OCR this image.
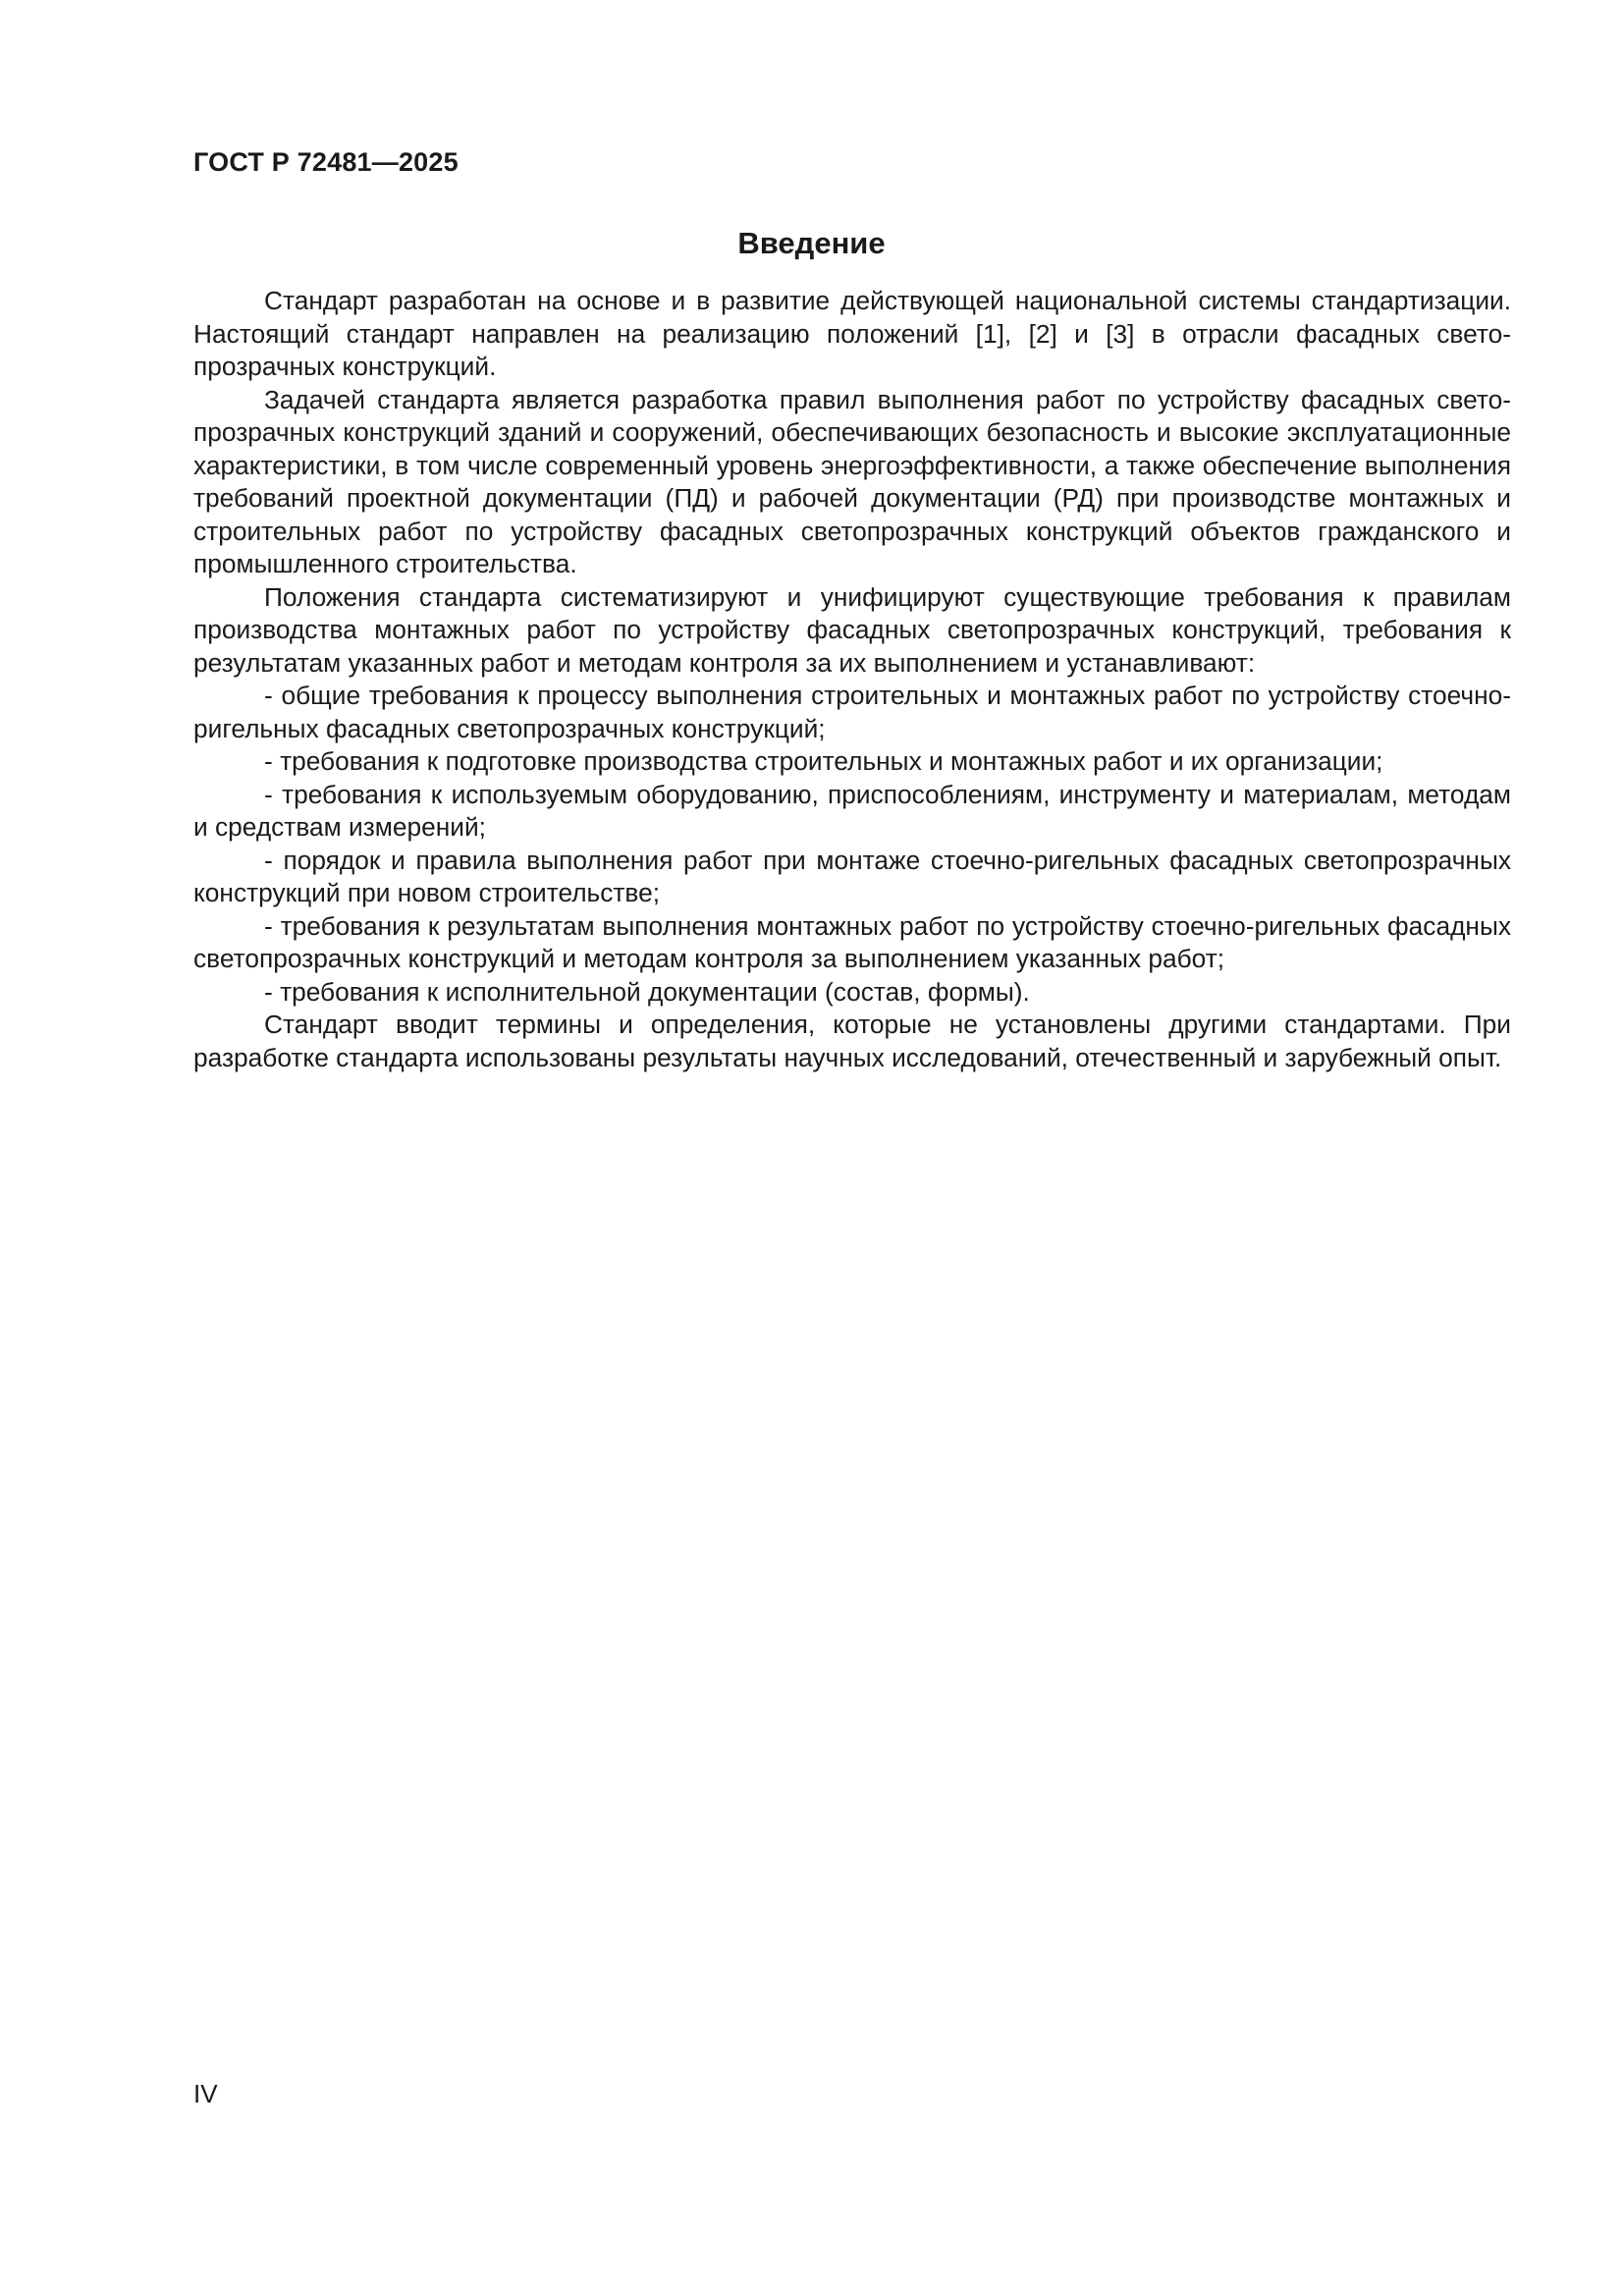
ГОСТ Р 72481—2025
Введение

Стандарт разработан на основе и в развитие действующей национальной системы стандартизации. Настоящий стандарт направлен на реализацию положений [1], [2] и [3] в отрасли фасадных светопрозрачных конструкций.

Задачей стандарта является разработка правил выполнения работ по устройству фасадных светопрозрачных конструкций зданий и сооружений, обеспечивающих безопасность и высокие эксплуатационные характеристики, в том числе современный уровень энергоэффективности, а также обеспечение выполнения требований проектной документации (ПД) и рабочей документации (РД) при производстве монтажных и строительных работ по устройству фасадных светопрозрачных конструкций объектов гражданского и промышленного строительства.

Положения стандарта систематизируют и унифицируют существующие требования к правилам производства монтажных работ по устройству фасадных светопрозрачных конструкций, требования к результатам указанных работ и методам контроля за их выполнением и устанавливают:

- общие требования к процессу выполнения строительных и монтажных работ по устройству стоечно-ригельных фасадных светопрозрачных конструкций;

- требования к подготовке производства строительных и монтажных работ и их организации;

- требования к используемым оборудованию, приспособлениям, инструменту и материалам, методам и средствам измерений;

- порядок и правила выполнения работ при монтаже стоечно-ригельных фасадных светопрозрачных конструкций при новом строительстве;

- требования к результатам выполнения монтажных работ по устройству стоечно-ригельных фасадных светопрозрачных конструкций и методам контроля за выполнением указанных работ;

- требования к исполнительной документации (состав, формы).

Стандарт вводит термины и определения, которые не установлены другими стандартами. При разработке стандарта использованы результаты научных исследований, отечественный и зарубежный опыт.

IV
